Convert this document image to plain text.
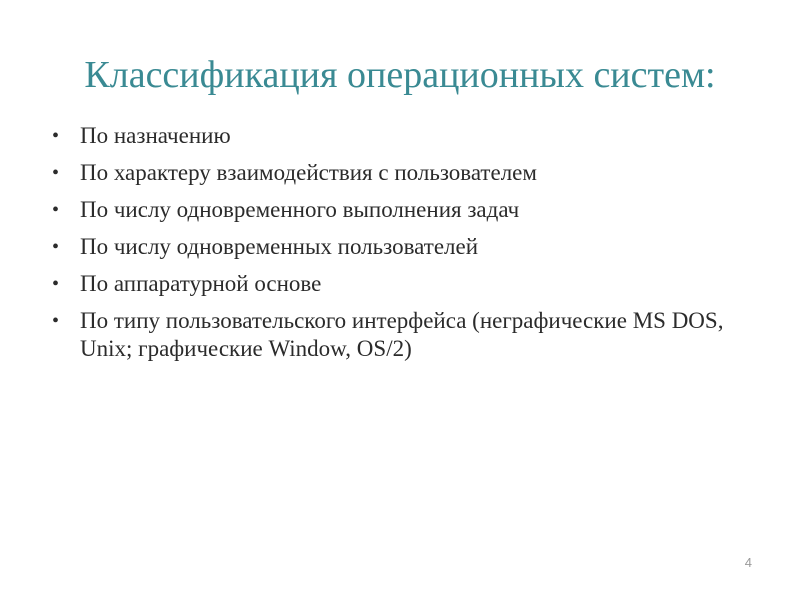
Классификация операционных систем:
• По назначению
• По характеру взаимодействия с пользователем
• По числу одновременного выполнения задач
• По числу одновременных пользователей
• По аппаратурной основе
• По типу пользовательского интерфейса (неграфические MS DOS, Unix; графические Window, OS/2)
4
